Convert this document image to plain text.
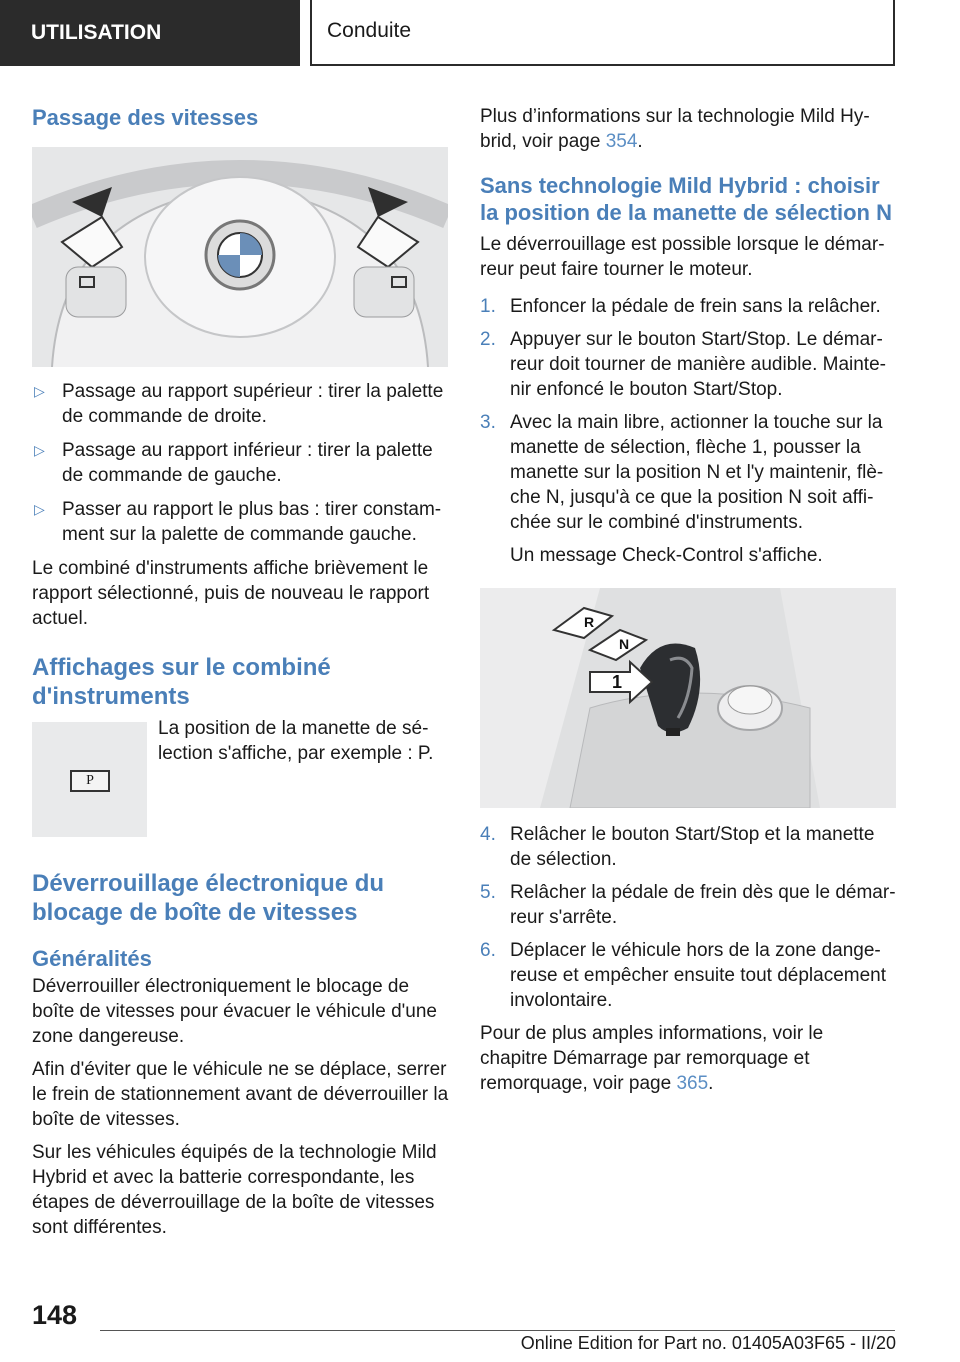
UTILISATION	Conduite
Passage des vitesses
▷ Passage au rapport supérieur : tirer la palette de commande de droite.
▷ Passage au rapport inférieur : tirer la palette de commande de gauche.
▷ Passer au rapport le plus bas : tirer constamment sur la palette de commande gauche.

Le combiné d'instruments affiche brièvement le rapport sélectionné, puis de nouveau le rapport actuel.

Affichages sur le combiné d'instruments
P

La position de la manette de sélection s'affiche, par exemple : P.

Déverrouillage électronique du blocage de boîte de vitesses
Généralités

Déverrouiller électroniquement le blocage de boîte de vitesses pour évacuer le véhicule d'une zone dangereuse.

Afin d'éviter que le véhicule ne se déplace, serrer le frein de stationnement avant de déverrouiller la boîte de vitesses.

Sur les véhicules équipés de la technologie Mild Hybrid et avec la batterie correspondante, les étapes de déverrouillage de la boîte de vitesses sont différentes.

Plus d’informations sur la technologie Mild Hybrid, voir page 354.

Sans technologie Mild Hybrid : choisir la position de la manette de sélection N

Le déverrouillage est possible lorsque le démarreur peut faire tourner le moteur.

1. Enfoncer la pédale de frein sans la relâcher.
2. Appuyer sur le bouton Start/Stop. Le démarreur doit tourner de manière audible. Maintenir enfoncé le bouton Start/Stop.
3. Avec la main libre, actionner la touche sur la manette de sélection, flèche 1, pousser la manette sur la position N et l'y maintenir, flèche N, jusqu'à ce que la position N soit affichée sur le combiné d'instruments.

Un message Check-Control s'affiche.

R
N
1
4. Relâcher le bouton Start/Stop et la manette de sélection.
5. Relâcher la pédale de frein dès que le démarreur s'arrête.
6. Déplacer le véhicule hors de la zone dangereuse et empêcher ensuite tout déplacement involontaire.

Pour de plus amples informations, voir le chapitre Démarrage par remorquage et remorquage, voir page 365.

148
Online Edition for Part no. 01405A03F65 - II/20
